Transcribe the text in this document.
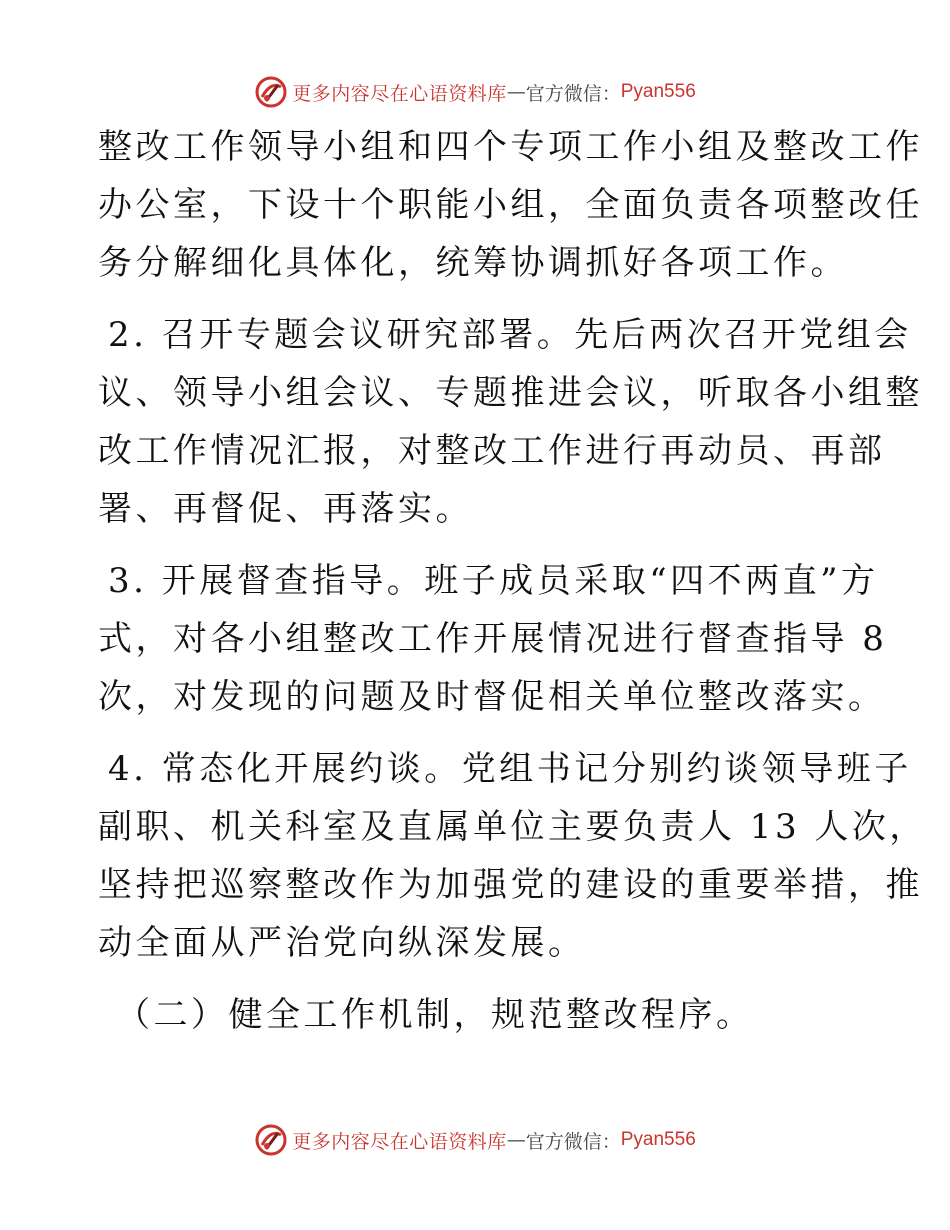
更多内容尽在心语资料库 — 官方微信： Pyan556
整改工作领导小组和四个专项工作小组及整改工作
办公室，下设十个职能小组，全面负责各项整改任
务分解细化具体化，统筹协调抓好各项工作。
2. 召开专题会议研究部署。先后两次召开党组会
议、领导小组会议、专题推进会议，听取各小组整
改工作情况汇报，对整改工作进行再动员、再部
署、再督促、再落实。
3. 开展督查指导。班子成员采取“四不两直”方
式，对各小组整改工作开展情况进行督查指导 8
次，对发现的问题及时督促相关单位整改落实。
4. 常态化开展约谈。党组书记分别约谈领导班子
副职、机关科室及直属单位主要负责人 13 人次，
坚持把巡察整改作为加强党的建设的重要举措，推
动全面从严治党向纵深发展。
（二）健全工作机制，规范整改程序。
更多内容尽在心语资料库 — 官方微信： Pyan556
